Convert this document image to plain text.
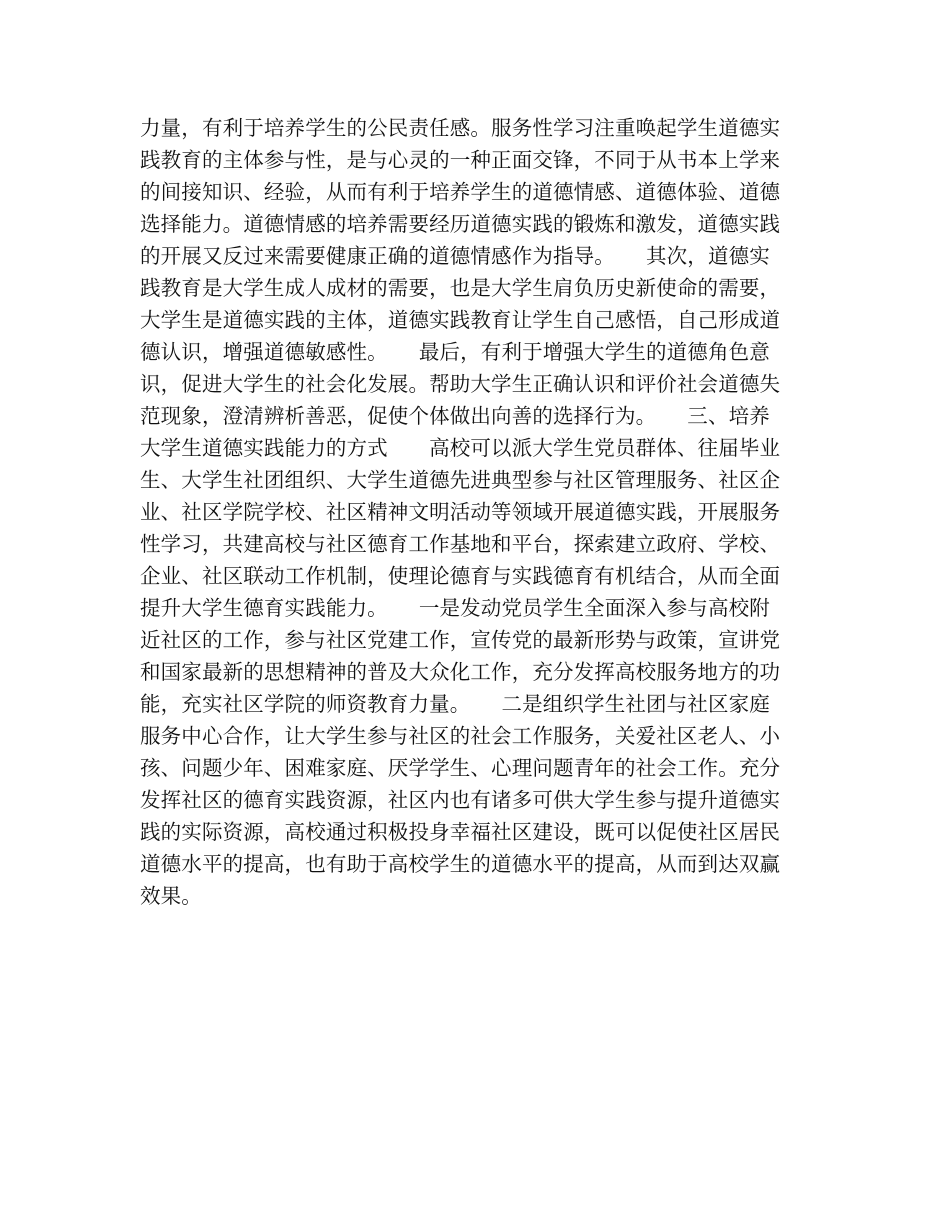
力量，有利于培养学生的公民责任感。服务性学习注重唤起学生道德实
践教育的主体参与性，是与心灵的一种正面交锋，不同于从书本上学来
的间接知识、经验，从而有利于培养学生的道德情感、道德体验、道德
选择能力。道德情感的培养需要经历道德实践的锻炼和激发，道德实践
的开展又反过来需要健康正确的道德情感作为指导。　　其次，道德实
践教育是大学生成人成材的需要，也是大学生肩负历史新使命的需要，
大学生是道德实践的主体，道德实践教育让学生自己感悟，自己形成道
德认识，增强道德敏感性。　　最后，有利于增强大学生的道德角色意
识，促进大学生的社会化发展。帮助大学生正确认识和评价社会道德失
范现象，澄清辨析善恶，促使个体做出向善的选择行为。　　三、培养
大学生道德实践能力的方式　　高校可以派大学生党员群体、往届毕业
生、大学生社团组织、大学生道德先进典型参与社区管理服务、社区企
业、社区学院学校、社区精神文明活动等领域开展道德实践，开展服务
性学习，共建高校与社区德育工作基地和平台，探索建立政府、学校、
企业、社区联动工作机制，使理论德育与实践德育有机结合，从而全面
提升大学生德育实践能力。　　一是发动党员学生全面深入参与高校附
近社区的工作，参与社区党建工作，宣传党的最新形势与政策，宣讲党
和国家最新的思想精神的普及大众化工作，充分发挥高校服务地方的功
能，充实社区学院的师资教育力量。　　二是组织学生社团与社区家庭
服务中心合作，让大学生参与社区的社会工作服务，关爱社区老人、小
孩、问题少年、困难家庭、厌学学生、心理问题青年的社会工作。充分
发挥社区的德育实践资源，社区内也有诸多可供大学生参与提升道德实
践的实际资源，高校通过积极投身幸福社区建设，既可以促使社区居民
道德水平的提高，也有助于高校学生的道德水平的提高，从而到达双赢
效果。
